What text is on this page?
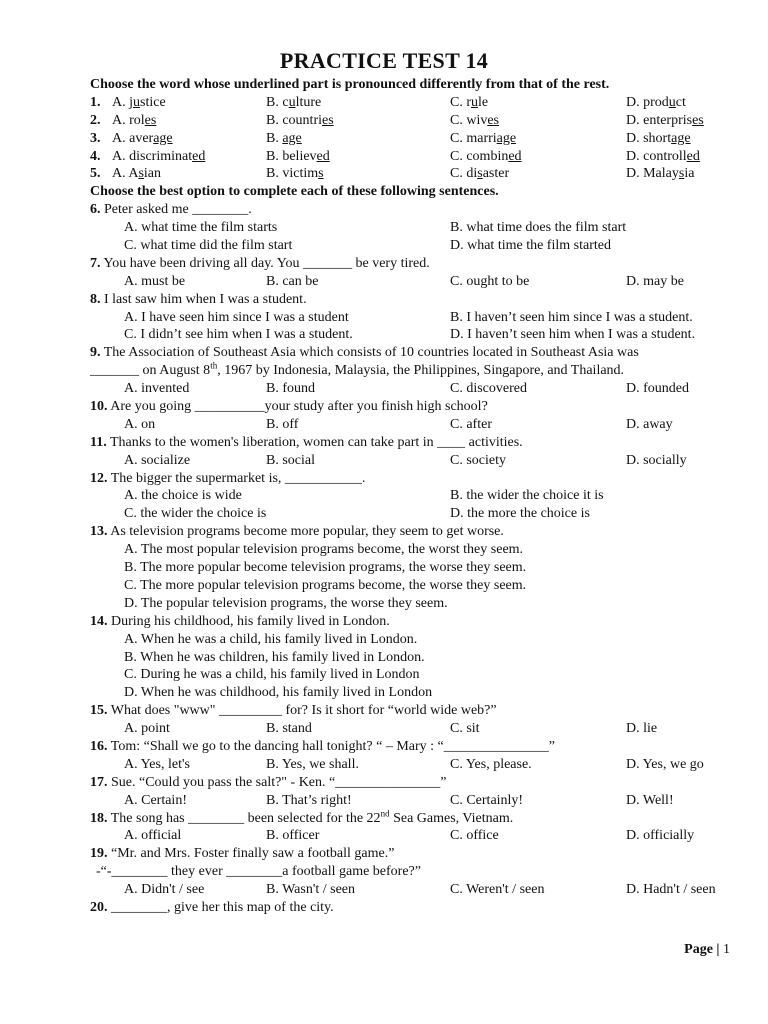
PRACTICE TEST 14
Choose the word whose underlined part is pronounced differently from that of the rest.
1. A. justice	B. culture	C. rule	D. product
2. A. roles	B. countries	C. wives	D. enterprises
3. A. average	B. age	C. marriage	D. shortage
4. A. discriminated	B. believed	C. combined	D. controlled
5. A. Asian	B. victims	C. disaster	D. Malaysia
Choose the best option to complete each of these following sentences.
6. Peter asked me ________.
A. what time the film starts	B. what time does the film start
C. what time did the film start	D. what time the film started
7. You have been driving all day. You _______ be very tired.
A. must be	B. can be	C. ought to be	D. may be
8. I last saw him when I was a student.
A. I have seen him since I was a student	B. I haven’t seen him since I was a student.
C. I didn’t see him when I was a student.	D. I haven’t seen him when I was a student.
9. The Association of Southeast Asia which consists of 10 countries located in Southeast Asia was
_______ on August 8th, 1967 by Indonesia, Malaysia, the Philippines, Singapore, and Thailand.
A. invented	B. found	C. discovered	D. founded
10. Are you going __________your study after you finish high school?
A. on	B. off	C. after	D. away
11. Thanks to the women's liberation, women can take part in ____ activities.
A. socialize	B. social	C. society	D. socially
12. The bigger the supermarket is, ___________.
A. the choice is wide	B. the wider the choice it is
C. the wider the choice is	D. the more the choice is
13. As television programs become more popular, they seem to get worse.
A. The most popular television programs become, the worst they seem.
B. The more popular become television programs, the worse they seem.
C. The more popular television programs become, the worse they seem.
D. The popular television programs, the worse they seem.
14. During his childhood, his family lived in London.
A. When he was a child, his family lived in London.
B. When he was children, his family lived in London.
C. During he was a child, his family lived in London
D. When he was childhood, his family lived in London
15. What does "www" _________ for? Is it short for “world wide web?”
A. point	B. stand	C. sit	D. lie
16. Tom: “Shall we go to the dancing hall tonight? “ – Mary : “_______________”
A. Yes, let's	B. Yes, we shall.	C. Yes, please.	D. Yes, we go
17. Sue. “Could you pass the salt?" - Ken. “_______________”
A. Certain!	B. That’s right!	C. Certainly!	D. Well!
18. The song has ________ been selected for the 22nd Sea Games, Vietnam.
A. official	B. officer	C. office	D. officially
19. “Mr. and Mrs. Foster finally saw a football game.”
-“-________ they ever ________a football game before?”
A. Didn't / see	B. Wasn't / seen	C. Weren't / seen	D. Hadn't / seen
20. ________, give her this map of the city.
Page | 1
